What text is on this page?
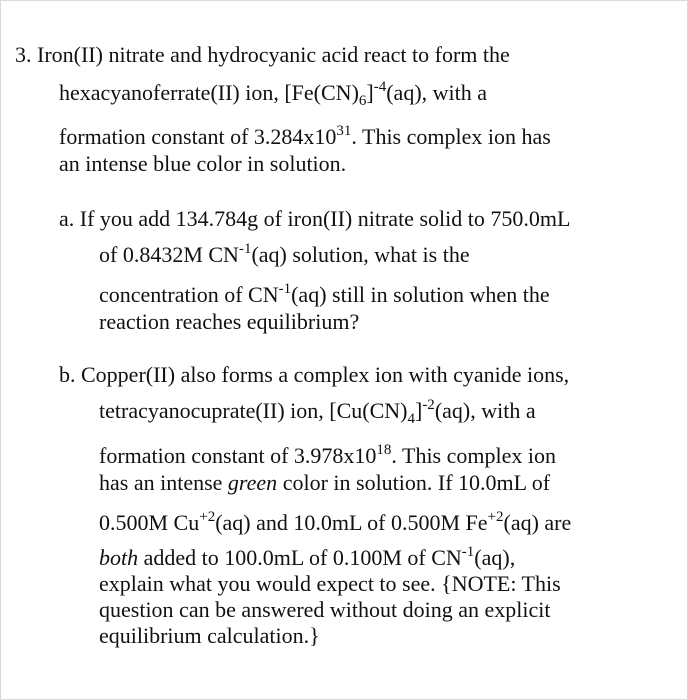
3. Iron(II) nitrate and hydrocyanic acid react to form the
hexacyanoferrate(II) ion, $[Fe(CN)_6]^{-4}(aq)$, with a
formation constant of $3.284x10^{31}$. This complex ion has
an intense blue color in solution.
a. If you add 134.784g of iron(II) nitrate solid to 750.0mL
of 0.8432M $CN^{-1}(aq)$ solution, what is the
concentration of $CN^{-1}(aq)$ still in solution when the
reaction reaches equilibrium?
b. Copper(II) also forms a complex ion with cyanide ions,
tetracyanocuprate(II) ion, $[Cu(CN)_4]^{-2}(aq)$, with a
formation constant of $3.978x10^{18}$. This complex ion
has an intense green color in solution. If 10.0mL of
0.500M $Cu^{+2}(aq)$ and 10.0mL of 0.500M $Fe^{+2}(aq)$ are
both added to 100.0mL of 0.100M of $CN^{-1}(aq)$,
explain what you would expect to see. {NOTE: This
question can be answered without doing an explicit
equilibrium calculation.}
